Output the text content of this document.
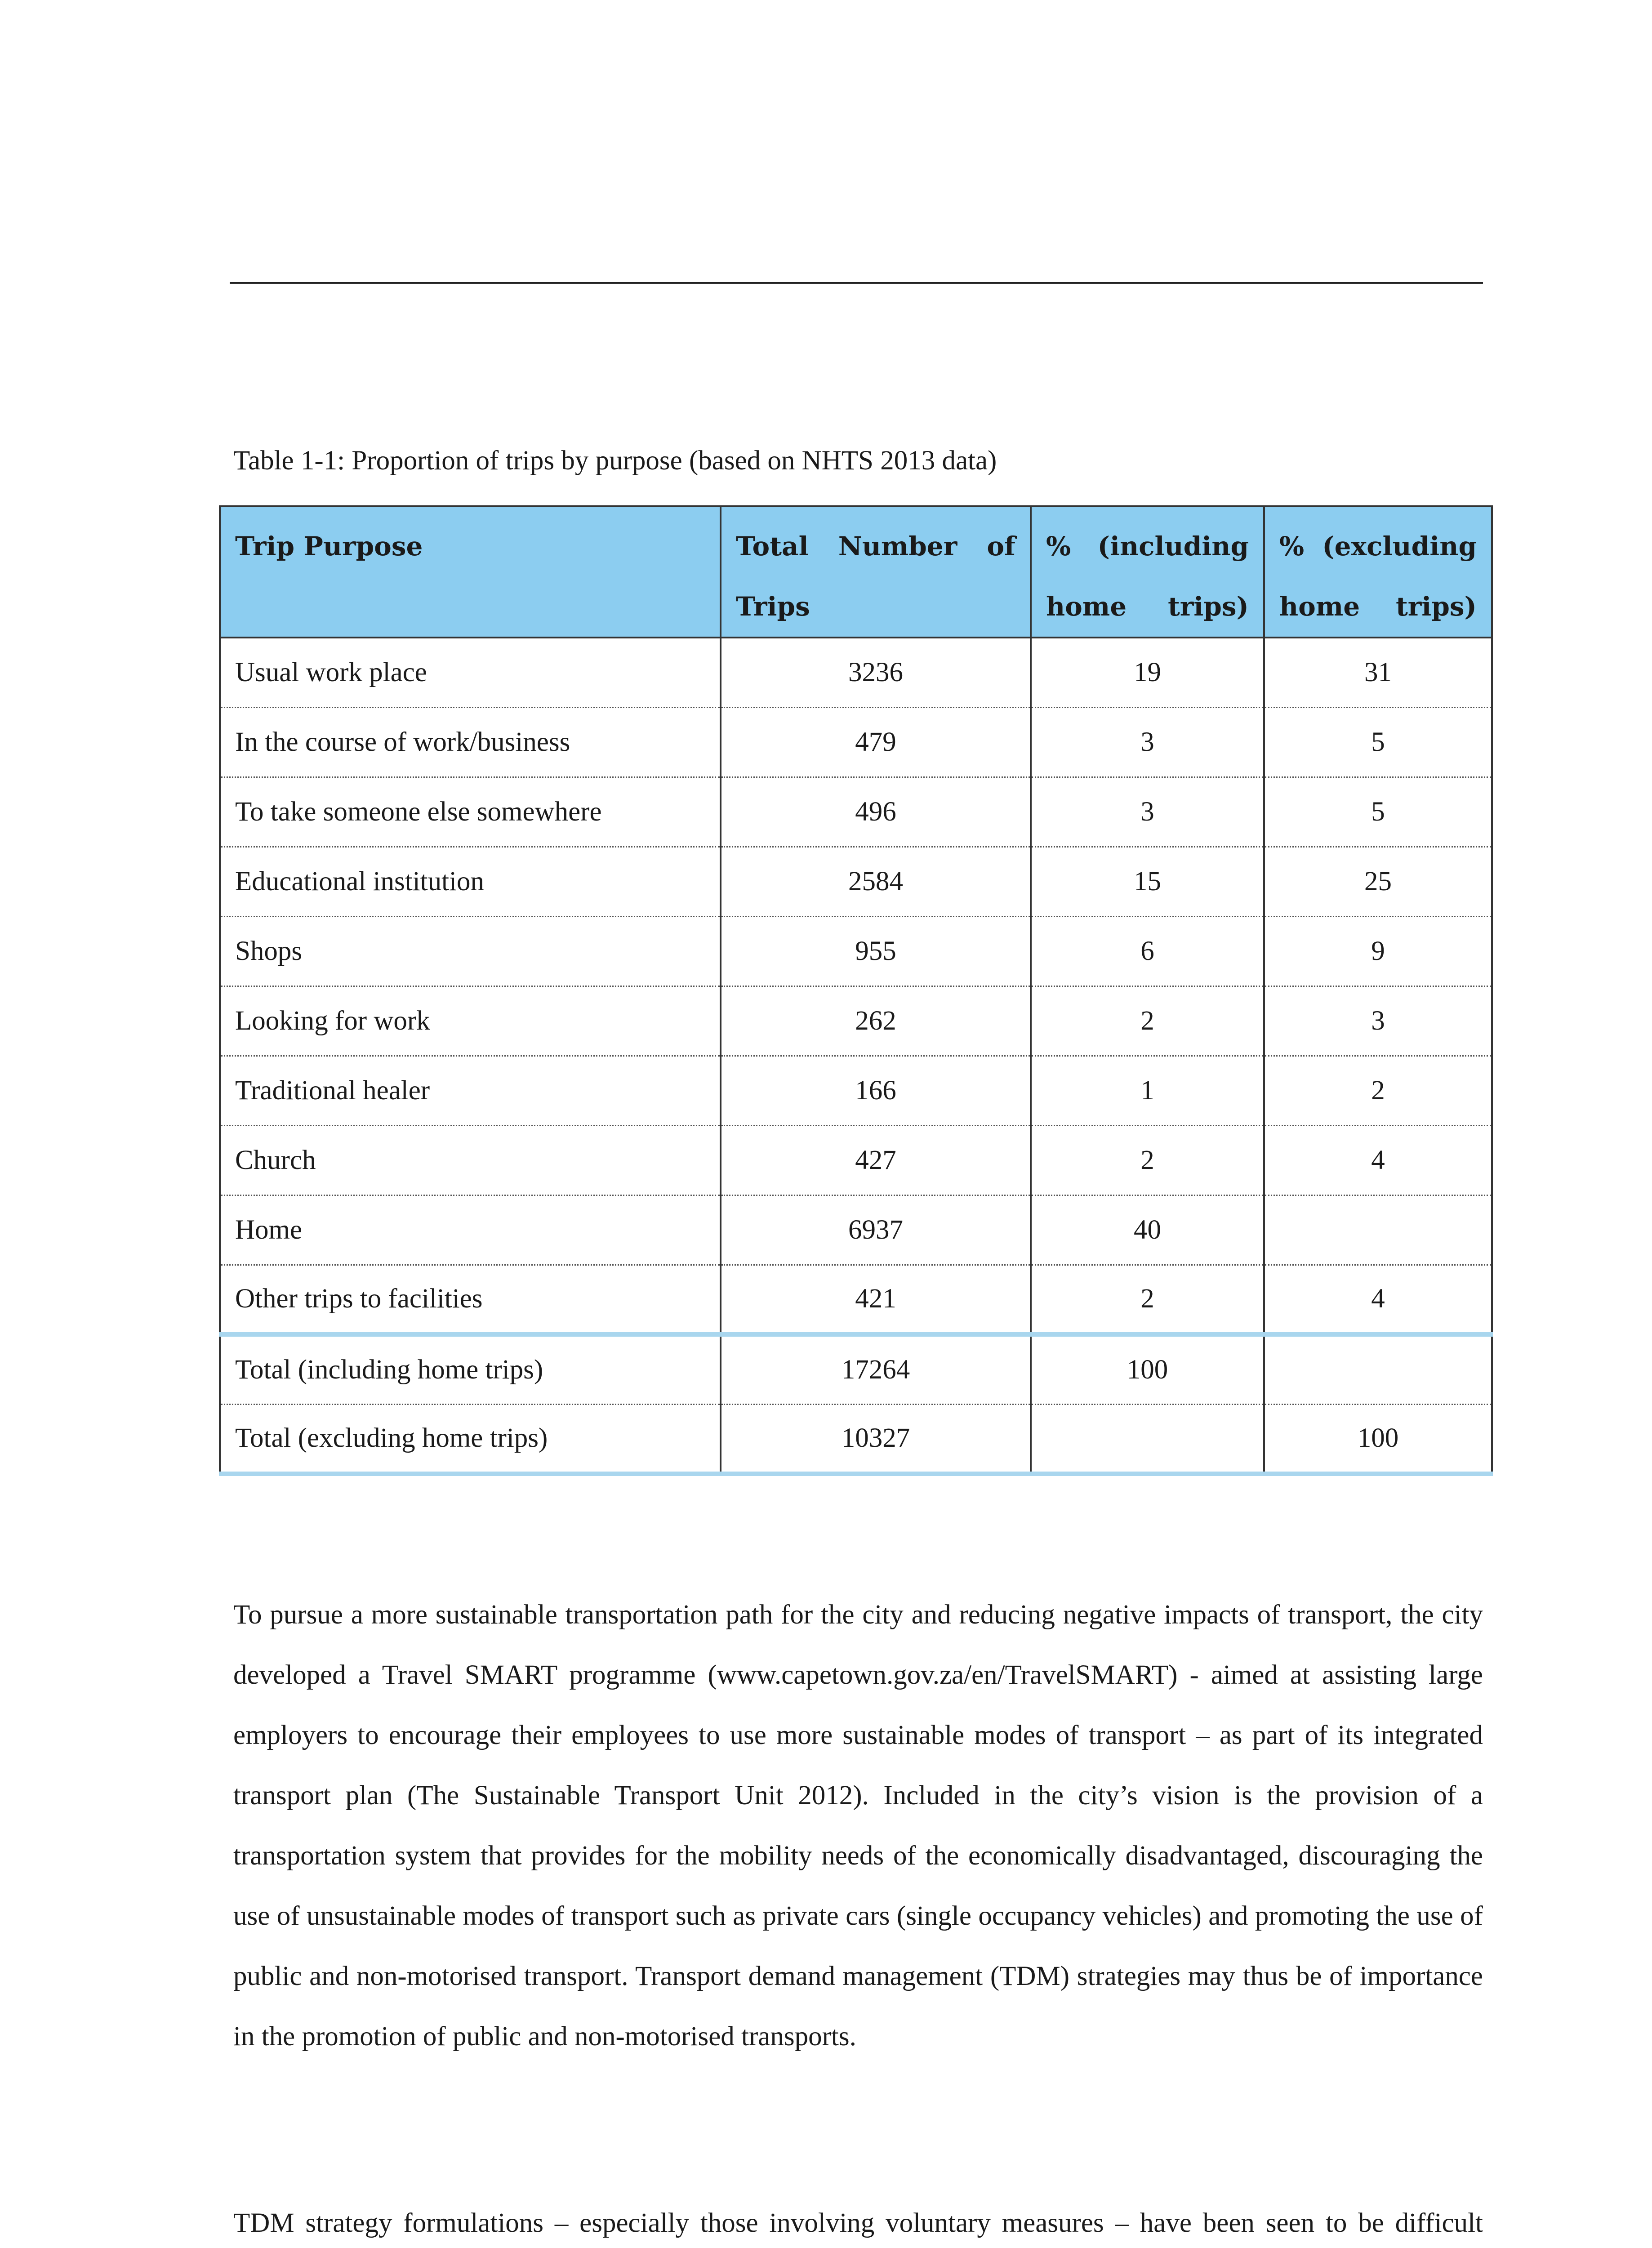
Table 1-1: Proportion of trips by purpose (based on NHTS 2013 data)
Trip Purpose	Total Number of Trips	% (including home trips)	% (excluding home trips)
Usual work place	3236	19	31
In the course of work/business	479	3	5
To take someone else somewhere	496	3	5
Educational institution	2584	15	25
Shops	955	6	9
Looking for work	262	2	3
Traditional healer	166	1	2
Church	427	2	4
Home	6937	40	
Other trips to facilities	421	2	4
Total (including home trips)	17264	100	
Total (excluding home trips)	10327		100

To pursue a more sustainable transportation path for the city and reducing negative impacts of transport, the city developed a Travel SMART programme (www.capetown.gov.za/en/TravelSMART) - aimed at assisting large employers to encourage their employees to use more sustainable modes of transport – as part of its integrated transport plan (The Sustainable Transport Unit 2012). Included in the city’s vision is the provision of a transportation system that provides for the mobility needs of the economically disadvantaged, discouraging the use of unsustainable modes of transport such as private cars (single occupancy vehicles) and promoting the use of public and non-motorised transport. Transport demand management (TDM) strategies may thus be of importance in the promotion of public and non-motorised transports.

TDM strategy formulations – especially those involving voluntary measures – have been seen to be difficult
